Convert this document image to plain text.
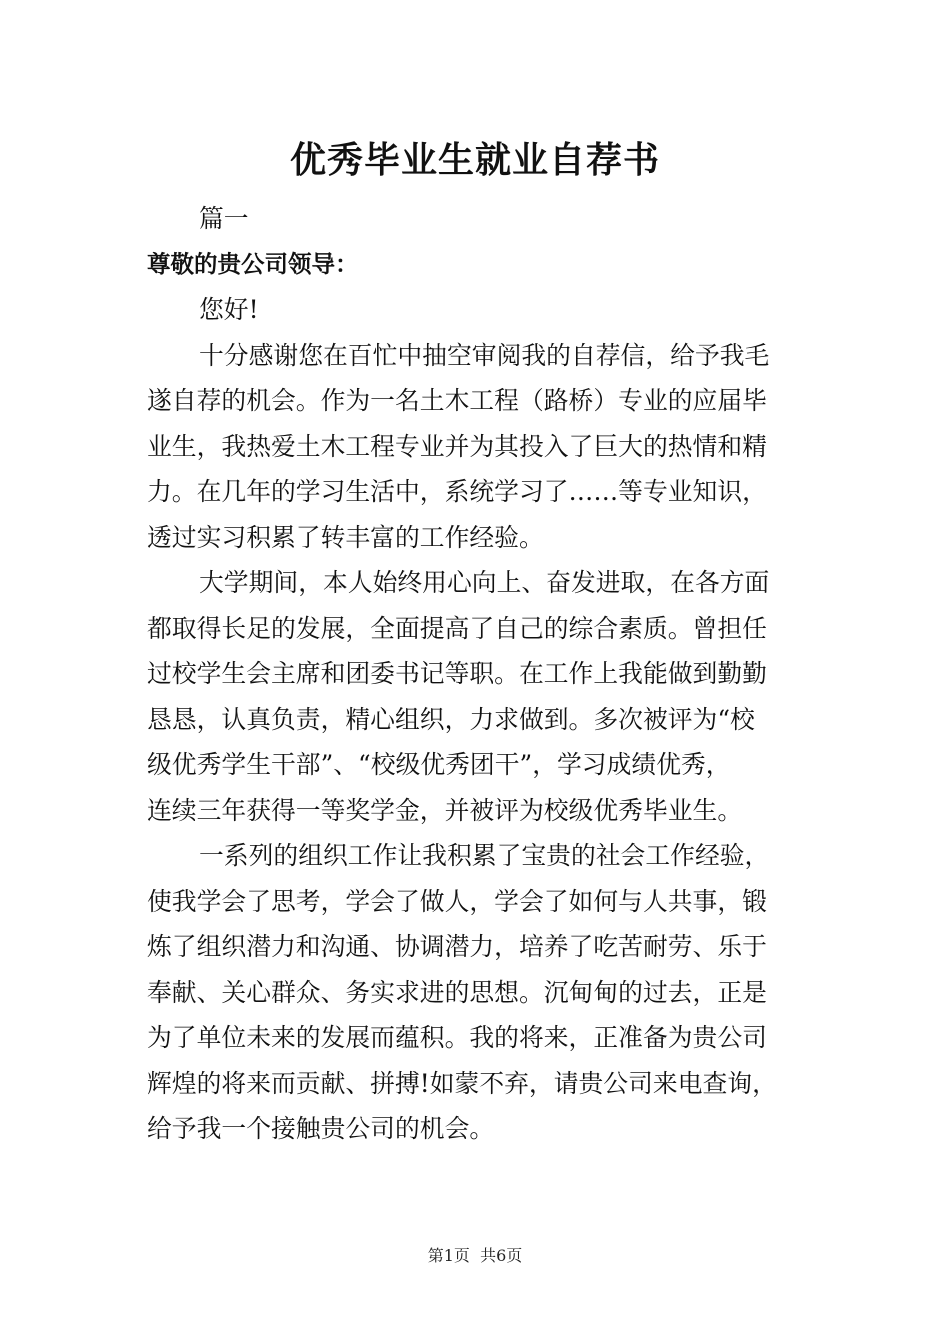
优秀毕业生就业自荐书
篇一
尊敬的贵公司领导：
您好!
十分感谢您在百忙中抽空审阅我的自荐信，给予我毛
遂自荐的机会。作为一名土木工程（路桥）专业的应届毕
业生，我热爱土木工程专业并为其投入了巨大的热情和精
力。在几年的学习生活中，系统学习了……等专业知识，
透过实习积累了转丰富的工作经验。
大学期间，本人始终用心向上、奋发进取，在各方面
都取得长足的发展，全面提高了自己的综合素质。曾担任
过校学生会主席和团委书记等职。在工作上我能做到勤勤
恳恳，认真负责，精心组织，力求做到。多次被评为“校
级优秀学生干部”、“校级优秀团干”，学习成绩优秀，
连续三年获得一等奖学金，并被评为校级优秀毕业生。
一系列的组织工作让我积累了宝贵的社会工作经验，
使我学会了思考，学会了做人，学会了如何与人共事，锻
炼了组织潜力和沟通、协调潜力，培养了吃苦耐劳、乐于
奉献、关心群众、务实求进的思想。沉甸甸的过去，正是
为了单位未来的发展而蕴积。我的将来，正准备为贵公司
辉煌的将来而贡献、拼搏!如蒙不弃，请贵公司来电查询，
给予我一个接触贵公司的机会。
第1页  共6页
